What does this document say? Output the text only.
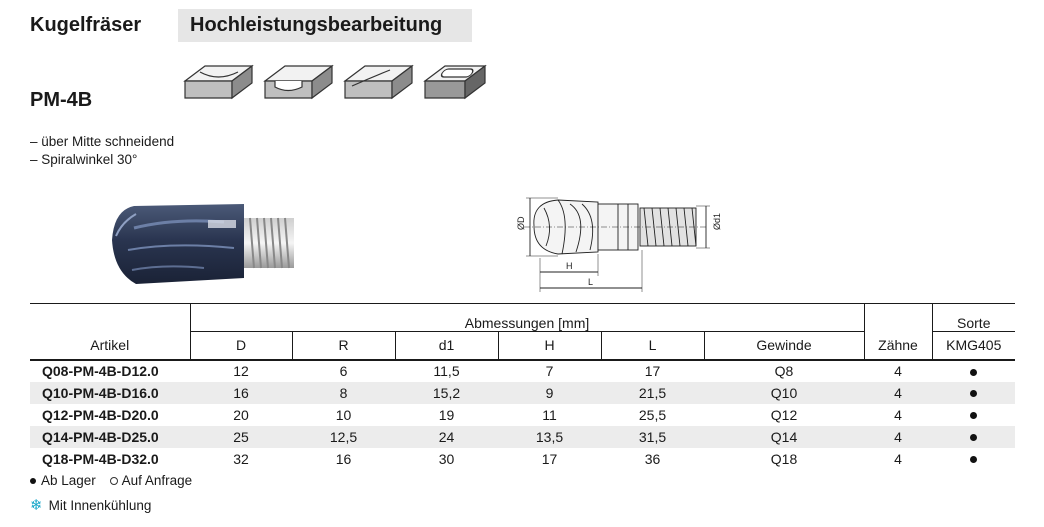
Kugelfräser Hochleistungsbearbeitung
PM-4B
– über Mitte schneidend
– Spiralwinkel 30°
ØD	Ød1
H
L
	Abmessungen [mm]							Sorte
Artikel	D	R	d1	H	L	Gewinde	Zähne	KMG405
Q08-PM-4B-D12.0	12	6	11,5	7	17	Q8	4	
Q10-PM-4B-D16.0	16	8	15,2	9	21,5	Q10	4	
Q12-PM-4B-D20.0	20	10	19	11	25,5	Q12	4	
Q14-PM-4B-D25.0	25	12,5	24	13,5	31,5	Q14	4	
Q18-PM-4B-D32.0	32	16	30	17	36	Q18	4	
Ab Lager Auf Anfrage
❄ Mit Innenkühlung
